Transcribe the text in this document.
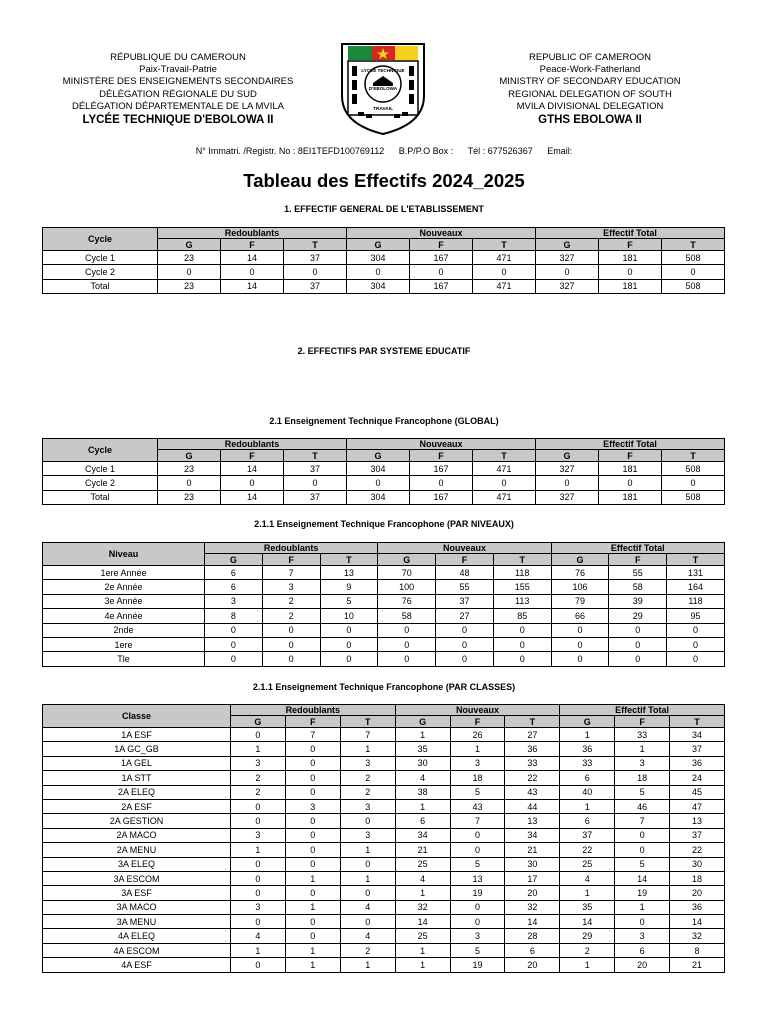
RÉPUBLIQUE DU CAMEROUN
Paix-Travail-Patrie
MINISTÈRE DES ENSEIGNEMENTS SECONDAIRES
DÉLÉGATION RÉGIONALE DU SUD
DÉLÉGATION DÉPARTEMENTALE DE LA MVILA
LYCÉE TECHNIQUE D'EBOLOWA II
LYCEE TECHNIQUE
D'EBOLOWA
TRAVAIL
REPUBLIC OF CAMEROON
Peace-Work-Fatherland
MINISTRY OF SECONDARY EDUCATION
REGIONAL DELEGATION OF SOUTH
MVILA DIVISIONAL DELEGATION
GTHS EBOLOWA II
N° Immatri. /Registr. No : 8EI1TEFD100769112 B.P/P.O Box : Tél : 677526367 Email:
Tableau des Effectifs 2024_2025
1. EFFECTIF GENERAL DE L'ETABLISSEMENT
Cycle	Redoublants			Nouveaux			Effectif Total		
	G	F	T	G	F	T	G	F	T
Cycle 1	23	14	37	304	167	471	327	181	508
Cycle 2	0	0	0	0	0	0	0	0	0
Total	23	14	37	304	167	471	327	181	508
2. EFFECTIFS PAR SYSTEME EDUCATIF
2.1 Enseignement Technique Francophone (GLOBAL)
Cycle	Redoublants			Nouveaux			Effectif Total		
	G	F	T	G	F	T	G	F	T
Cycle 1	23	14	37	304	167	471	327	181	508
Cycle 2	0	0	0	0	0	0	0	0	0
Total	23	14	37	304	167	471	327	181	508
2.1.1 Enseignement Technique Francophone (PAR NIVEAUX)
Niveau	Redoublants			Nouveaux			Effectif Total		
	G	F	T	G	F	T	G	F	T
1ere Année	6	7	13	70	48	118	76	55	131
2e Année	6	3	9	100	55	155	106	58	164
3e Année	3	2	5	76	37	113	79	39	118
4e Année	8	2	10	58	27	85	66	29	95
2nde	0	0	0	0	0	0	0	0	0
1ere	0	0	0	0	0	0	0	0	0
Tle	0	0	0	0	0	0	0	0	0
2.1.1 Enseignement Technique Francophone (PAR CLASSES)
Classe	Redoublants			Nouveaux			Effectif Total		
	G	F	T	G	F	T	G	F	T
1A ESF	0	7	7	1	26	27	1	33	34
1A GC_GB	1	0	1	35	1	36	36	1	37
1A GEL	3	0	3	30	3	33	33	3	36
1A STT	2	0	2	4	18	22	6	18	24
2A ELEQ	2	0	2	38	5	43	40	5	45
2A ESF	0	3	3	1	43	44	1	46	47
2A GESTION	0	0	0	6	7	13	6	7	13
2A MACO	3	0	3	34	0	34	37	0	37
2A MENU	1	0	1	21	0	21	22	0	22
3A ELEQ	0	0	0	25	5	30	25	5	30
3A ESCOM	0	1	1	4	13	17	4	14	18
3A ESF	0	0	0	1	19	20	1	19	20
3A MACO	3	1	4	32	0	32	35	1	36
3A MENU	0	0	0	14	0	14	14	0	14
4A ELEQ	4	0	4	25	3	28	29	3	32
4A ESCOM	1	1	2	1	5	6	2	6	8
4A ESF	0	1	1	1	19	20	1	20	21
